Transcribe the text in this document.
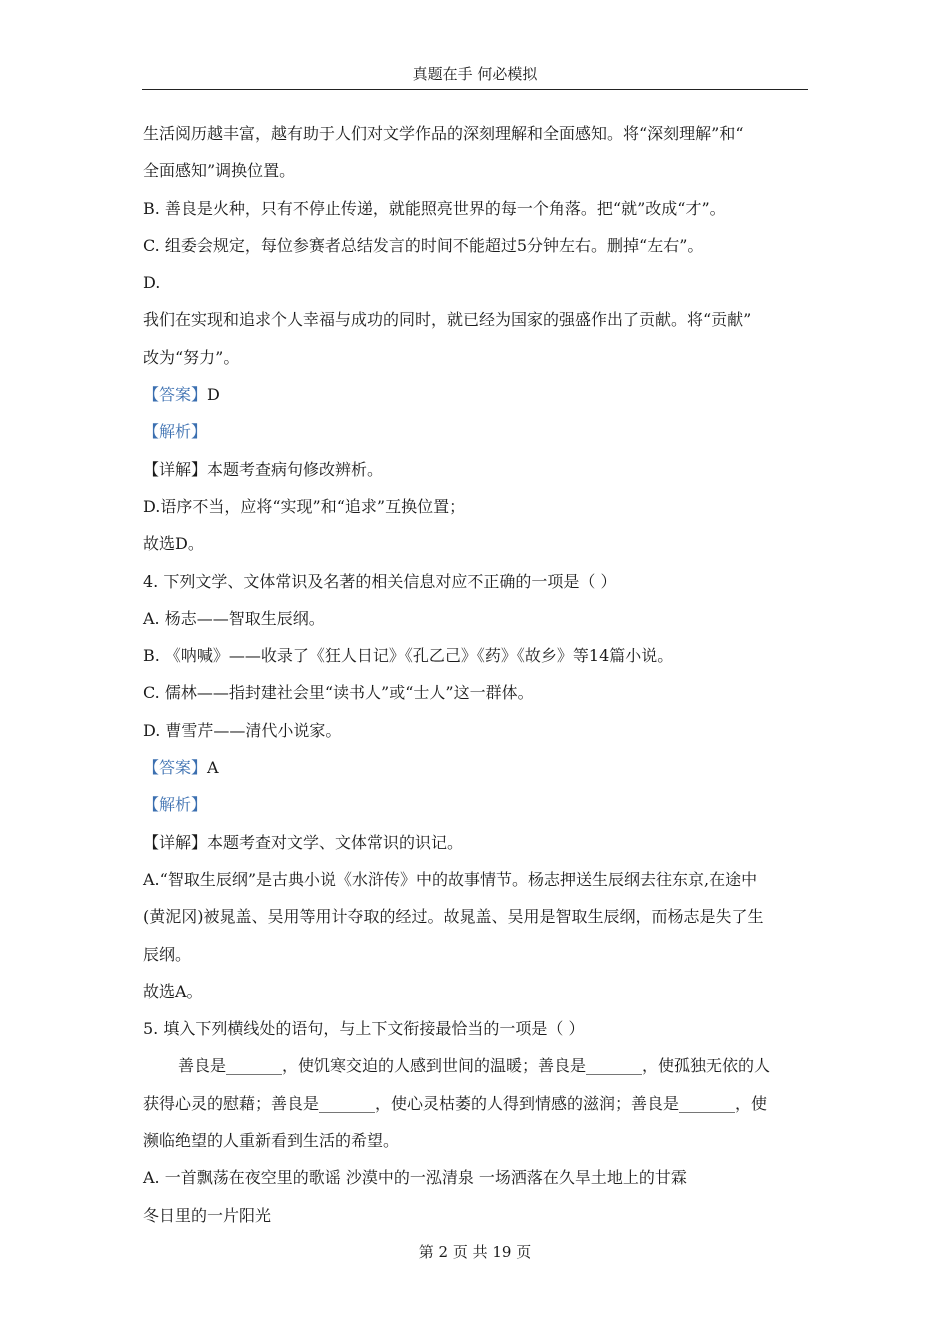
真题在手 何必模拟
生活阅历越丰富，越有助于人们对文学作品的深刻理解和全面感知。将“深刻理解”和“
全面感知”调换位置。
B. 善良是火种，只有不停止传递，就能照亮世界的每一个角落。把“就”改成“才”。
C. 组委会规定，每位参赛者总结发言的时间不能超过5分钟左右。删掉“左右”。
D.
我们在实现和追求个人幸福与成功的同时，就已经为国家的强盛作出了贡献。将“贡献”
改为“努力”。
【答案】D
【解析】
【详解】本题考查病句修改辨析。
D.语序不当，应将“实现”和“追求”互换位置；
故选D。
4. 下列文学、文体常识及名著的相关信息对应不正确的一项是（ ）
A. 杨志——智取生辰纲。
B. 《呐喊》——收录了《狂人日记》《孔乙己》《药》《故乡》等14篇小说。
C. 儒林——指封建社会里“读书人”或“士人”这一群体。
D. 曹雪芹——清代小说家。
【答案】A
【解析】
【详解】本题考查对文学、文体常识的识记。
A.“智取生辰纲”是古典小说《水浒传》中的故事情节。杨志押送生辰纲去往东京,在途中
(黄泥冈)被晁盖、吴用等用计夺取的经过。故晁盖、吴用是智取生辰纲，而杨志是失了生
辰纲。
故选A。
5. 填入下列横线处的语句，与上下文衔接最恰当的一项是（ ）
善良是_______，使饥寒交迫的人感到世间的温暖；善良是_______，使孤独无依的人
获得心灵的慰藉；善良是_______，使心灵枯萎的人得到情感的滋润；善良是_______，使
濒临绝望的人重新看到生活的希望。
A. 一首飘荡在夜空里的歌谣 沙漠中的一泓清泉 一场洒落在久旱土地上的甘霖
冬日里的一片阳光
第 2 页 共 19 页
